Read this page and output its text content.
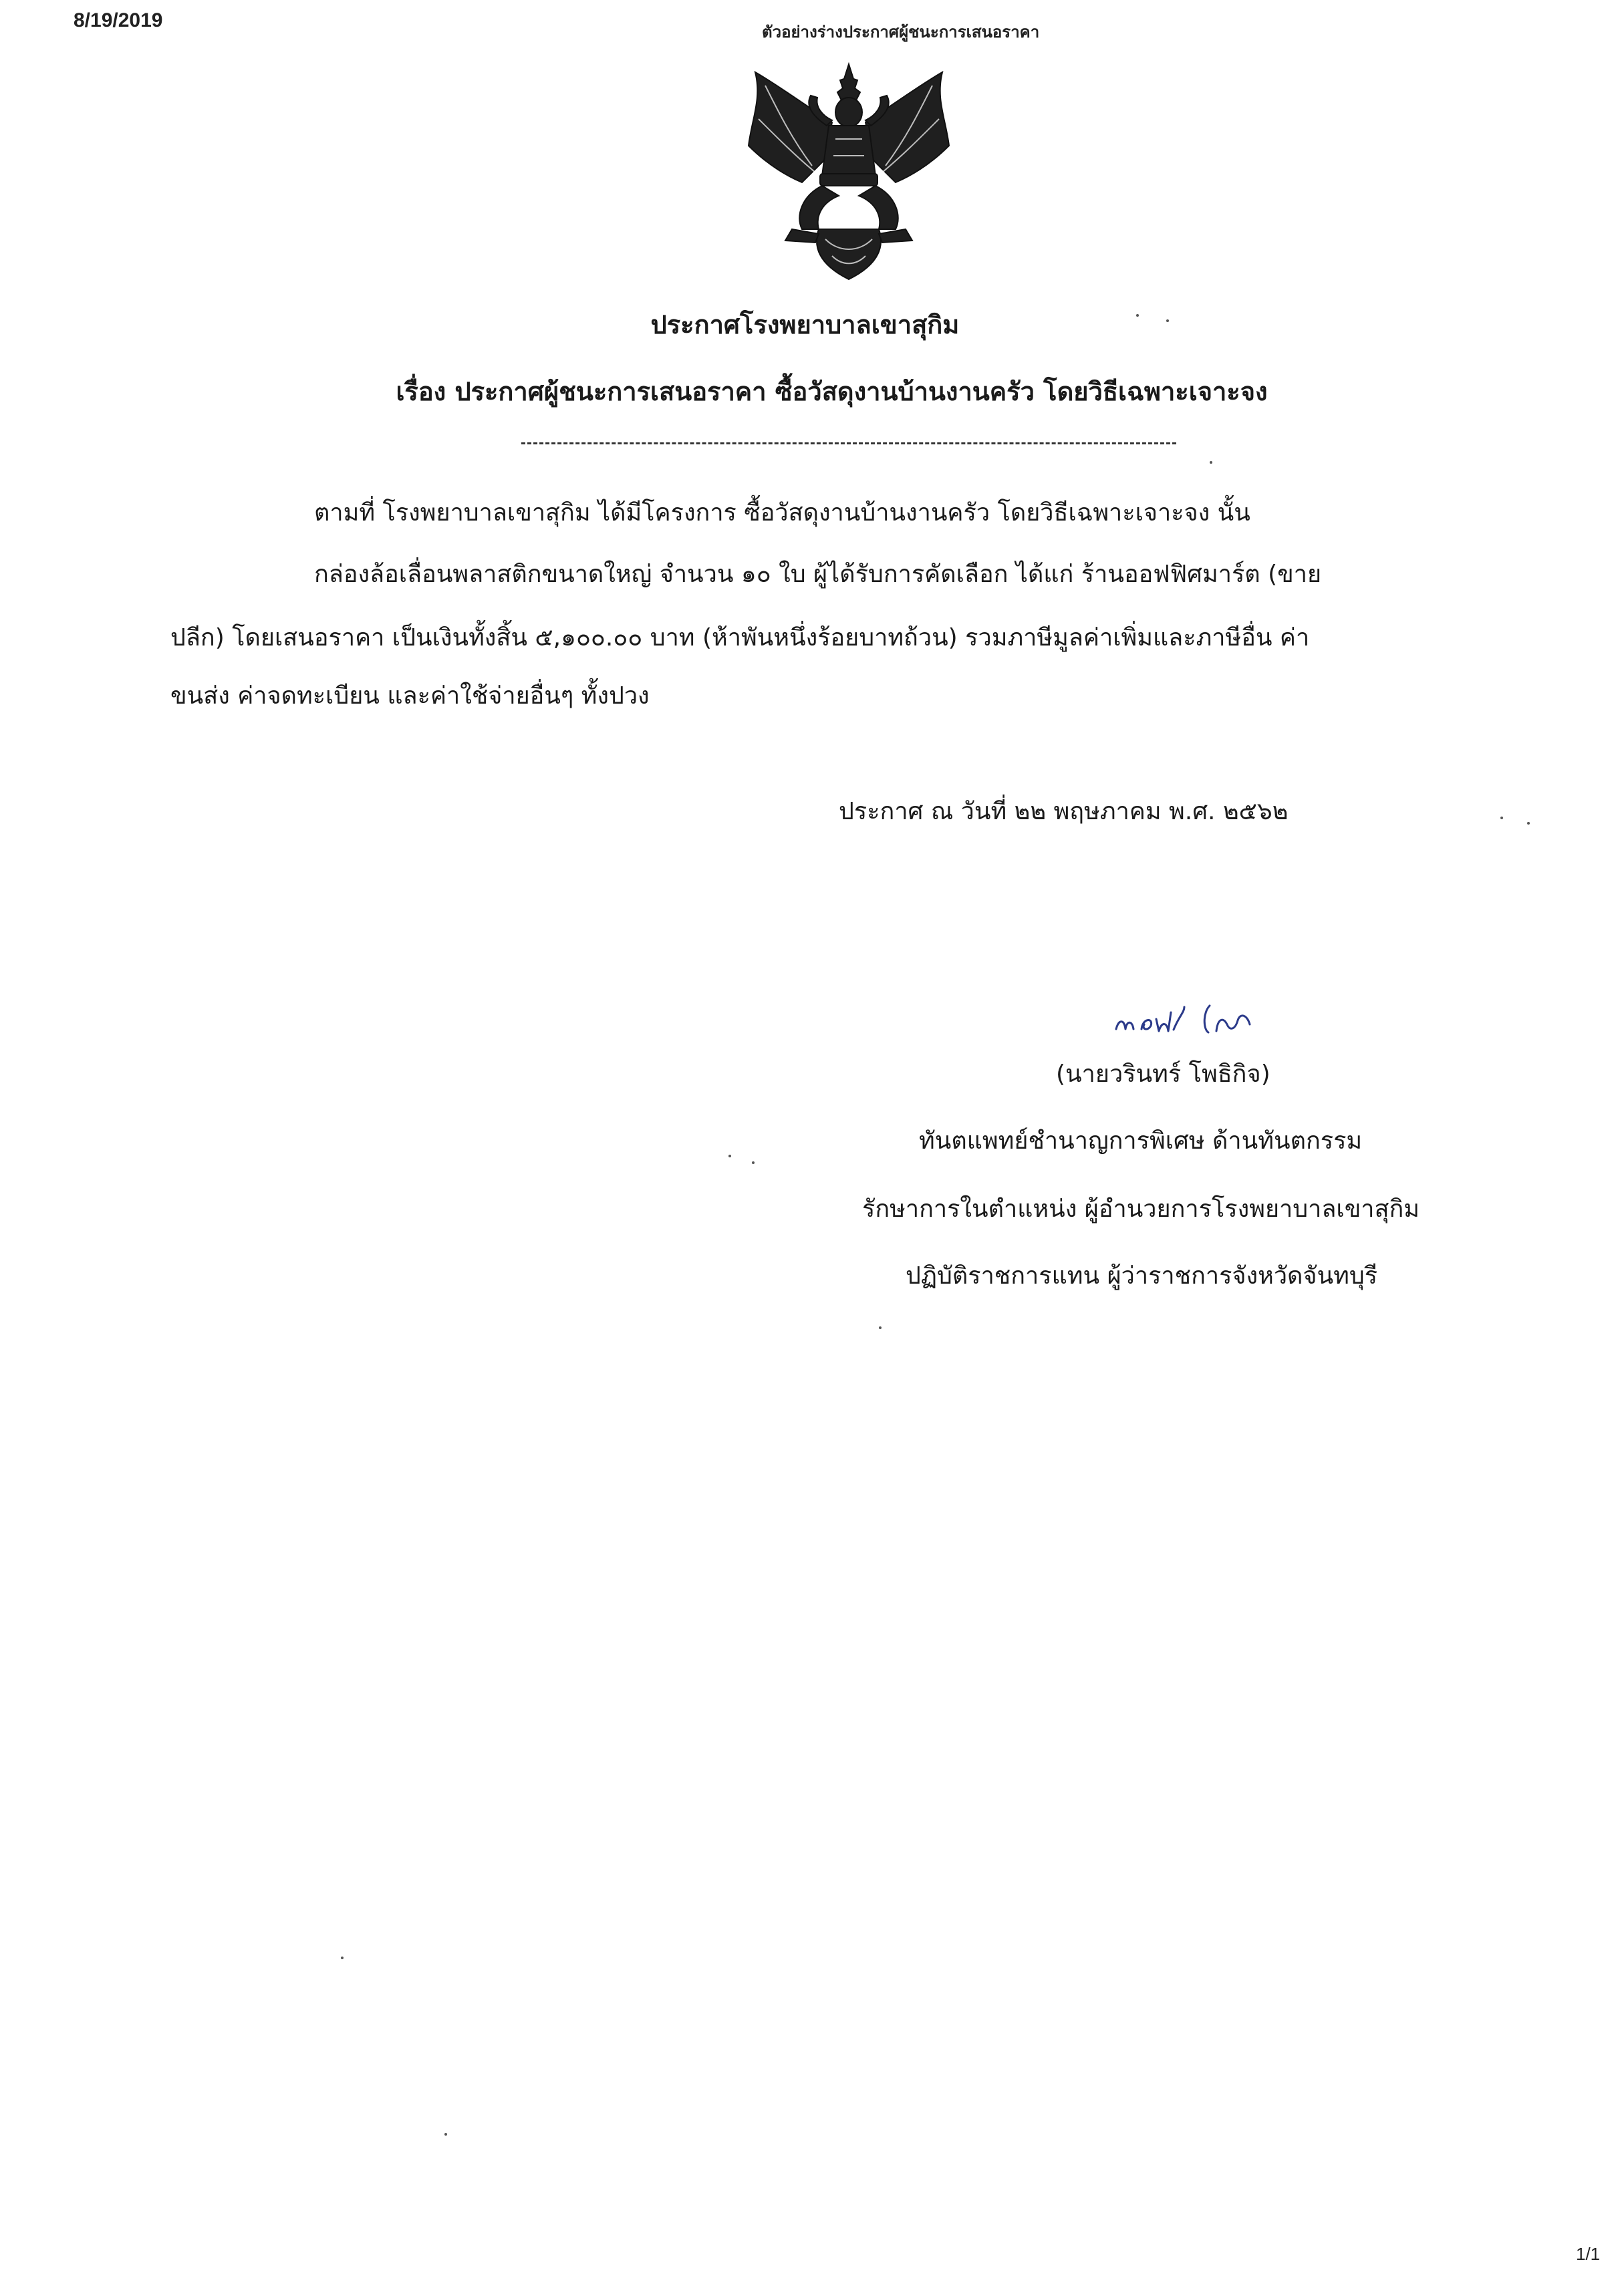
8/19/2019
ตัวอย่างร่างประกาศผู้ชนะการเสนอราคา
ประกาศโรงพยาบาลเขาสุกิม
เรื่อง ประกาศผู้ชนะการเสนอราคา ซื้อวัสดุงานบ้านงานครัว โดยวิธีเฉพาะเจาะจง
ตามที่ โรงพยาบาลเขาสุกิม ได้มีโครงการ ซื้อวัสดุงานบ้านงานครัว โดยวิธีเฉพาะเจาะจง นั้น
กล่องล้อเลื่อนพลาสติกขนาดใหญ่ จำนวน ๑๐ ใบ ผู้ได้รับการคัดเลือก ได้แก่ ร้านออฟฟิศมาร์ต (ขาย
ปลีก) โดยเสนอราคา เป็นเงินทั้งสิ้น ๕,๑๐๐.๐๐ บาท (ห้าพันหนึ่งร้อยบาทถ้วน) รวมภาษีมูลค่าเพิ่มและภาษีอื่น ค่า
ขนส่ง ค่าจดทะเบียน และค่าใช้จ่ายอื่นๆ ทั้งปวง
ประกาศ ณ วันที่ ๒๒ พฤษภาคม พ.ศ. ๒๕๖๒
(นายวรินทร์ โพธิกิจ)
ทันตแพทย์ชำนาญการพิเศษ ด้านทันตกรรม
รักษาการในตำแหน่ง ผู้อำนวยการโรงพยาบาลเขาสุกิม
ปฏิบัติราชการแทน ผู้ว่าราชการจังหวัดจันทบุรี
1/1
